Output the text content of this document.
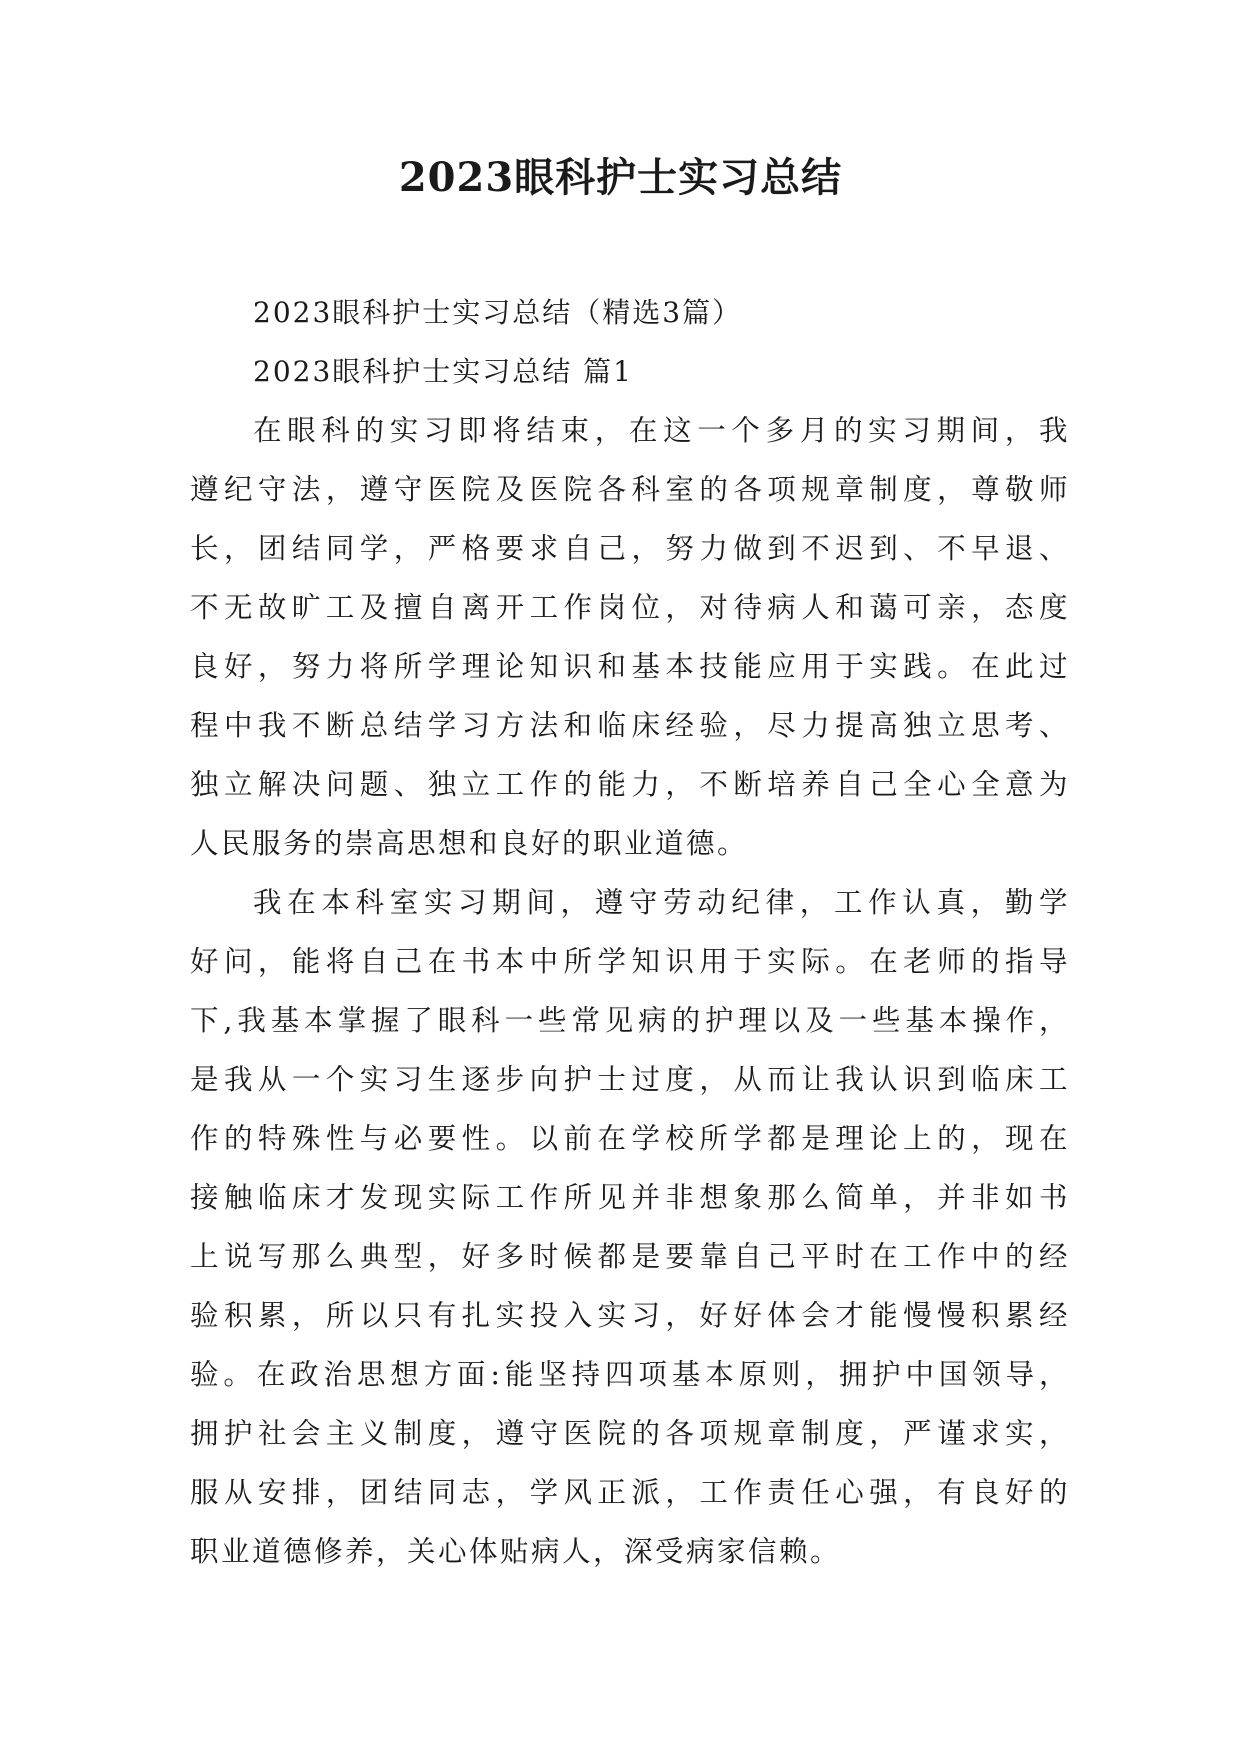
2023眼科护士实习总结

2023眼科护士实习总结（精选3篇）

2023眼科护士实习总结 篇1

在眼科的实习即将结束，在这一个多月的实习期间，我
遵纪守法，遵守医院及医院各科室的各项规章制度，尊敬师
长，团结同学，严格要求自己，努力做到不迟到、不早退、
不无故旷工及擅自离开工作岗位，对待病人和蔼可亲，态度
良好，努力将所学理论知识和基本技能应用于实践。在此过
程中我不断总结学习方法和临床经验，尽力提高独立思考、
独立解决问题、独立工作的能力，不断培养自己全心全意为
人民服务的崇高思想和良好的职业道德。
我在本科室实习期间，遵守劳动纪律，工作认真，勤学
好问，能将自己在书本中所学知识用于实际。在老师的指导
下,我基本掌握了眼科一些常见病的护理以及一些基本操作，
是我从一个实习生逐步向护士过度，从而让我认识到临床工
作的特殊性与必要性。以前在学校所学都是理论上的，现在
接触临床才发现实际工作所见并非想象那么简单，并非如书
上说写那么典型，好多时候都是要靠自己平时在工作中的经
验积累，所以只有扎实投入实习，好好体会才能慢慢积累经
验。在政治思想方面:能坚持四项基本原则，拥护中国领导，
拥护社会主义制度，遵守医院的各项规章制度，严谨求实，
服从安排，团结同志，学风正派，工作责任心强，有良好的
职业道德修养，关心体贴病人，深受病家信赖。
